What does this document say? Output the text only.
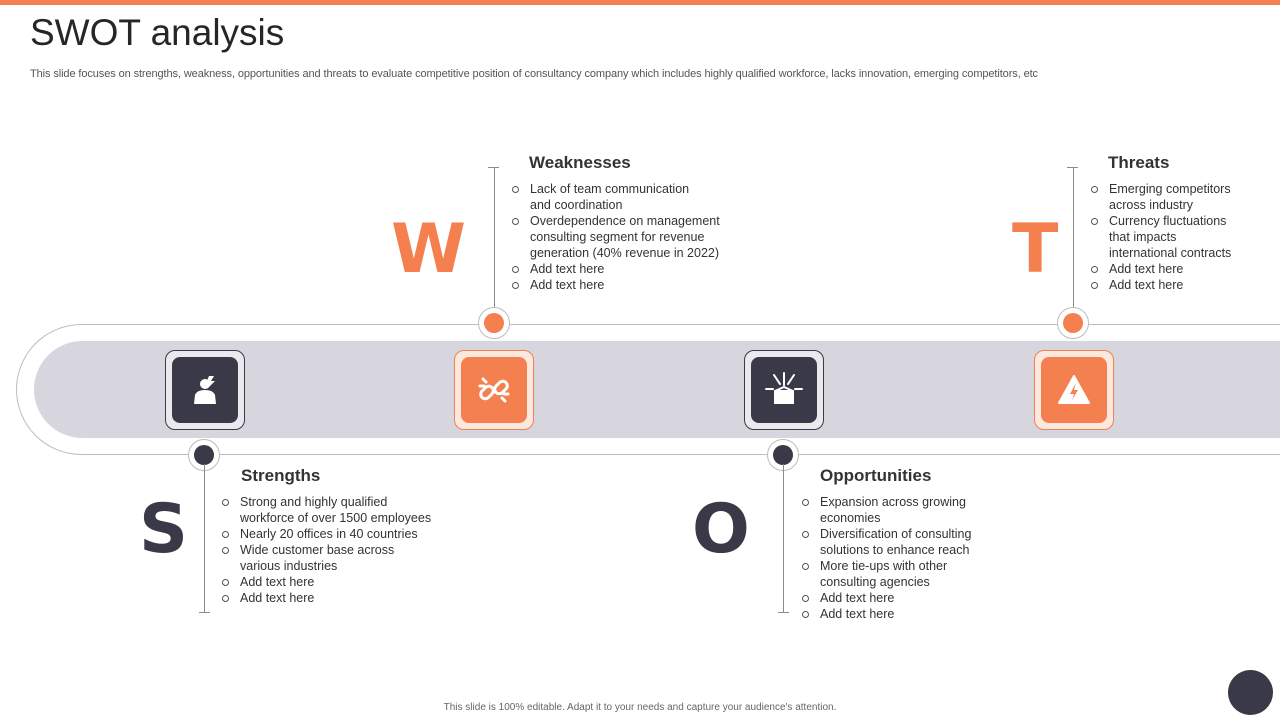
SWOT analysis

This slide focuses on strengths, weakness, opportunities and threats to evaluate competitive position of consultancy company which includes highly qualified workforce, lacks innovation, emerging competitors, etc

W	T
S	O
Weaknesses	Threats
Strengths	Opportunities
Lack of team communication
and coordination
Overdependence on management
consulting segment for revenue
generation (40% revenue in 2022)
Add text here
Add text here
Emerging competitors
across industry
Currency fluctuations
that impacts
international contracts
Add text here
Add text here
Strong and highly qualified
workforce of over 1500 employees
Nearly 20 offices in 40 countries
Wide customer base across
various industries
Add text here
Add text here
Expansion across growing
economies
Diversification of consulting
solutions to enhance reach
More tie-ups with other
consulting agencies
Add text here
Add text here
This slide is 100% editable. Adapt it to your needs and capture your audience's attention.
